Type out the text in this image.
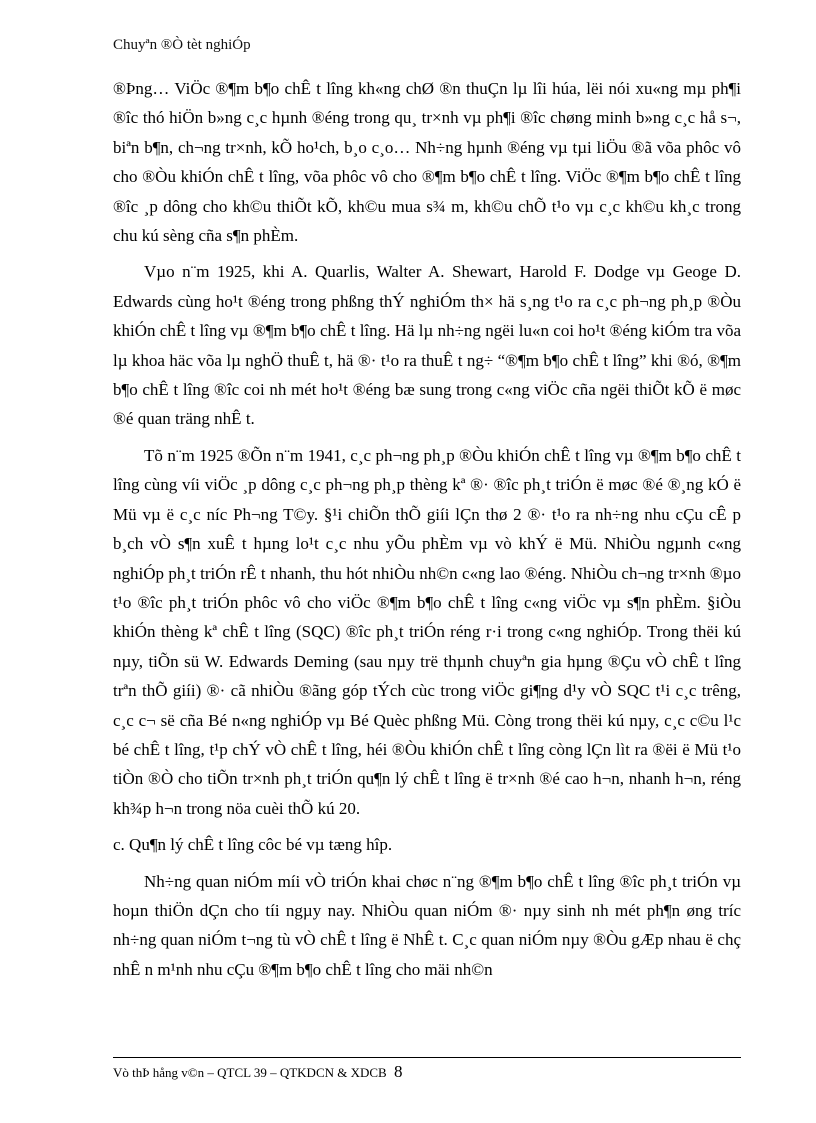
Chuyªn ®Ò tèt nghiÓp

®Þng… ViÖc ®¶m b¶o chÊ t lîng kh«ng chØ ®n thuÇn lµ lîi húa, lëi nói xu«ng mµ ph¶i ®îc thó hiÖn b»ng c¸c hµnh ®éng trong qu¸ tr×nh vµ ph¶i ®îc chøng minh b»ng c¸c hå s¬, biªn b¶n, ch¬ng tr×nh, kÕ ho¹ch, b¸o c¸o… Nh÷ng hµnh ®éng vµ tµi liÖu ®ã võa phôc vô cho ®Òu khiÓn chÊ t lîng, võa phôc vô cho ®¶m b¶o chÊ t lîng. ViÖc ®¶m b¶o chÊ t lîng ®îc ¸p dông cho kh©u thiÕt kÕ, kh©u mua s¾ m, kh©u chÕ t¹o vµ c¸c kh©u kh¸c trong chu kú sèng cña s¶n phÈm.

Vµo n¨m 1925, khi A. Quarlis, Walter A. Shewart, Harold F. Dodge vµ Geoge D. Edwards cùng ho¹t ®éng trong phßng thÝ nghiÓm th× hä s¸ng t¹o ra c¸c ph¬ng ph¸p ®Òu khiÓn chÊ t lîng vµ ®¶m b¶o chÊ t lîng. Hä lµ nh÷ng ngëi lu«n coi ho¹t ®éng kiÓm tra võa lµ khoa häc võa lµ nghÖ thuÊ t, hä ®· t¹o ra thuÊ t ng÷ “®¶m b¶o chÊ t lîng” khi ®ó, ®¶m b¶o chÊ t lîng ®îc coi nh mét ho¹t ®éng bæ sung trong c«ng viÖc cña ngëi thiÕt kÕ ë møc ®é quan träng nhÊ t.

Tõ n¨m 1925 ®Õn n¨m 1941, c¸c ph¬ng ph¸p ®Òu khiÓn chÊ t lîng vµ ®¶m b¶o chÊ t lîng cùng víi viÖc ¸p dông c¸c ph¬ng ph¸p thèng kª ®· ®îc ph¸t triÓn ë møc ®é ®¸ng kÓ ë Mü vµ ë c¸c níc Ph¬ng T©y. §¹i chiÕn thÕ giíi lÇn thø 2 ®· t¹o ra nh÷ng nhu cÇu cÊ p b¸ch vÒ s¶n xuÊ t hµng lo¹t c¸c nhu yÕu phÈm vµ vò khÝ ë Mü. NhiÒu ngµnh c«ng nghiÓp ph¸t triÓn rÊ t nhanh, thu hót nhiÒu nh©n c«ng lao ®éng. NhiÒu ch¬ng tr×nh ®µo t¹o ®îc ph¸t triÓn phôc vô cho viÖc ®¶m b¶o chÊ t lîng c«ng viÖc vµ s¶n phÈm. §iÒu khiÓn thèng kª chÊ t lîng (SQC) ®îc ph¸t triÓn réng r·i trong c«ng nghiÓp. Trong thëi kú nµy, tiÕn sü W. Edwards Deming (sau nµy trë thµnh chuyªn gia hµng ®Çu vÒ chÊ t lîng trªn thÕ giíi) ®· cã nhiÒu ®ãng góp tÝch cùc trong viÖc gi¶ng d¹y vÒ SQC t¹i c¸c trêng, c¸c c¬ së cña Bé n«ng nghiÓp vµ Bé Quèc phßng Mü. Còng trong thëi kú nµy, c¸c c©u l¹c bé chÊ t lîng, t¹p chÝ vÒ chÊ t lîng, héi ®Òu khiÓn chÊ t lîng còng lÇn lìt ra ®ëi ë Mü t¹o tiÒn ®Ò cho tiÕn tr×nh ph¸t triÓn qu¶n lý chÊ t lîng ë tr×nh ®é cao h¬n, nhanh h¬n, réng kh¾p h¬n trong nöa cuèi thÕ kú 20.

c. Qu¶n lý chÊ t lîng côc bé vµ tæng hîp.

Nh÷ng quan niÓm míi vÒ triÓn khai chøc n¨ng ®¶m b¶o chÊ t lîng ®îc ph¸t triÓn vµ hoµn thiÖn dÇn cho tíi ngµy nay. NhiÒu quan niÓm ®· nµy sinh nh mét ph¶n øng tríc nh÷ng quan niÓm t¬ng tù vÒ chÊ t lîng ë NhÊ t. C¸c quan niÓm nµy ®Òu gÆp nhau ë chç nhÊ n m¹nh nhu cÇu ®¶m b¶o chÊ t lîng cho mäi nh©n

Vò thÞ hång v©n – QTCL 39 – QTKDCN & XDCB 8
